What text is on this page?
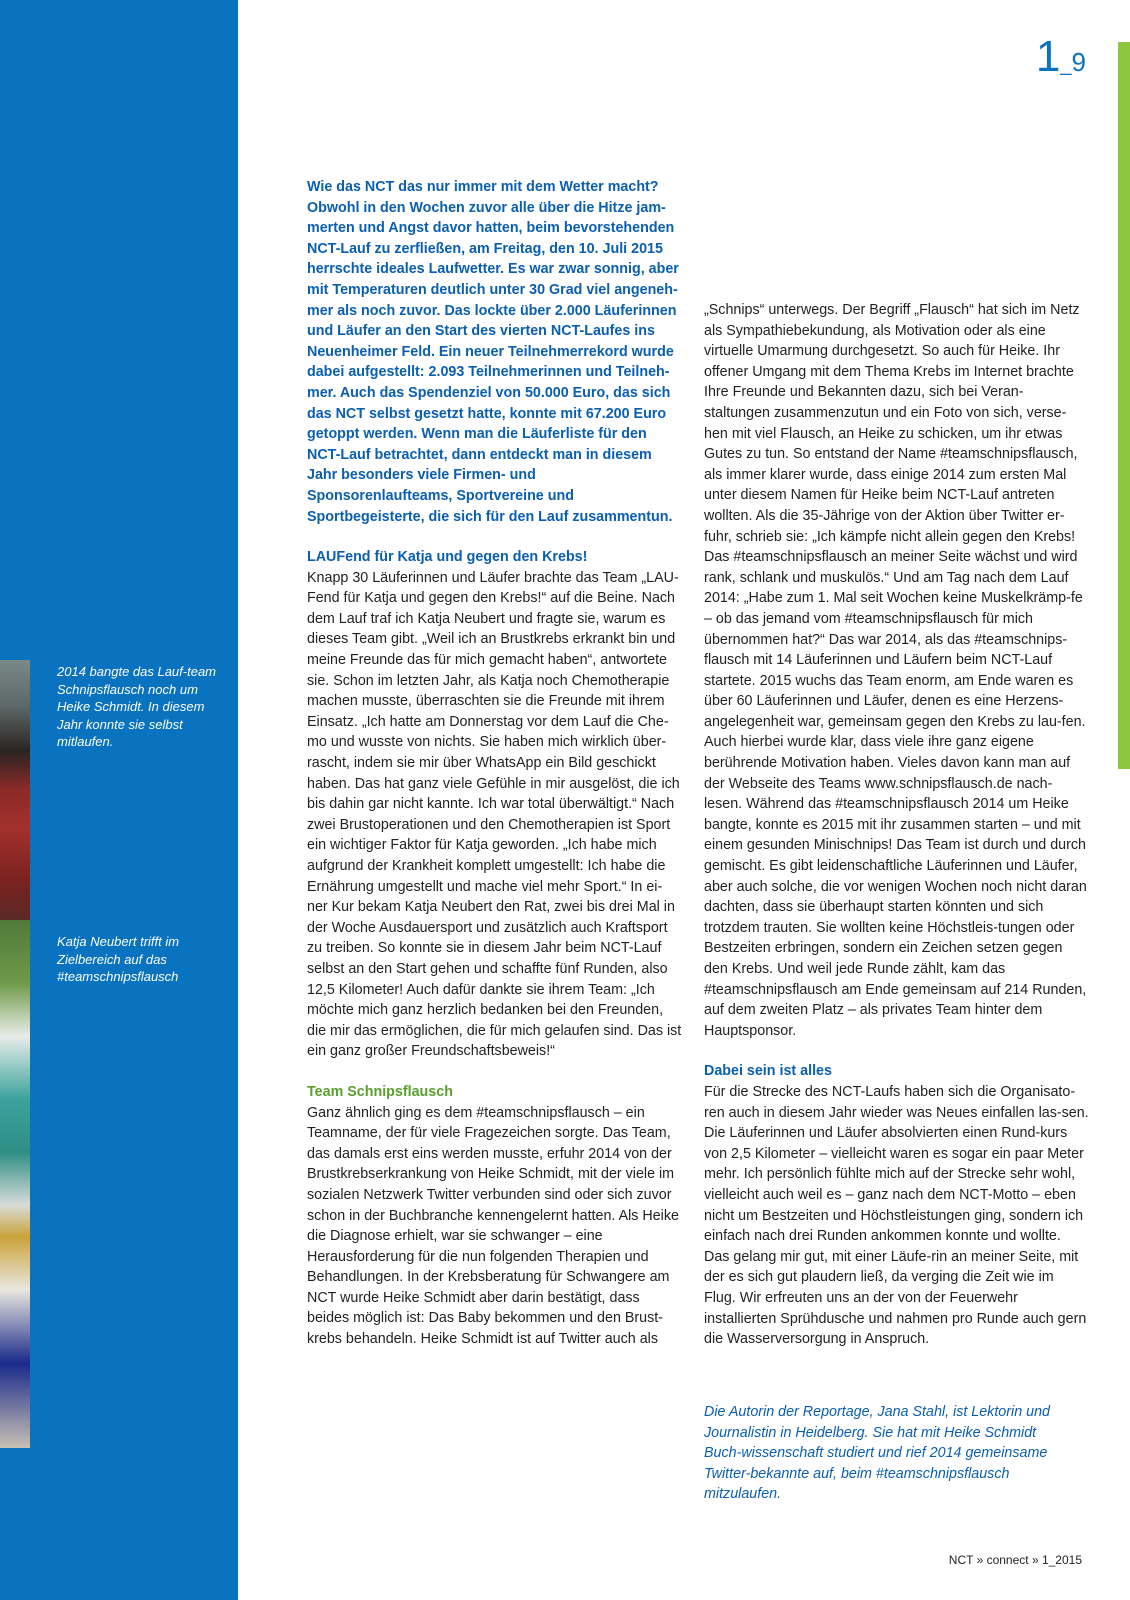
2014 bangte das Lauf-team Schnipsflausch noch um Heike Schmidt. In diesem Jahr konnte sie selbst mitlaufen.
Katja Neubert trifft im Zielbereich auf das #teamschnipsflausch
1_9

Wie das NCT das nur immer mit dem Wetter macht? Obwohl in den Wochen zuvor alle über die Hitze jam-merten und Angst davor hatten, beim bevorstehenden NCT-Lauf zu zerfließen, am Freitag, den 10. Juli 2015 herrschte ideales Laufwetter. Es war zwar sonnig, aber mit Temperaturen deutlich unter 30 Grad viel angeneh-mer als noch zuvor. Das lockte über 2.000 Läuferinnen und Läufer an den Start des vierten NCT-Laufes ins Neuenheimer Feld. Ein neuer Teilnehmerrekord wurde dabei aufgestellt: 2.093 Teilnehmerinnen und Teilneh-mer. Auch das Spendenziel von 50.000 Euro, das sich das NCT selbst gesetzt hatte, konnte mit 67.200 Euro getoppt werden. Wenn man die Läuferliste für den NCT-Lauf betrachtet, dann entdeckt man in diesem Jahr besonders viele Firmen- und Sponsorenlaufteams, Sportvereine und Sportbegeisterte, die sich für den Lauf zusammentun.

LAUFend für Katja und gegen den Krebs!

Knapp 30 Läuferinnen und Läufer brachte das Team „LAU-Fend für Katja und gegen den Krebs!“ auf die Beine. Nach dem Lauf traf ich Katja Neubert und fragte sie, warum es dieses Team gibt. „Weil ich an Brustkrebs erkrankt bin und meine Freunde das für mich gemacht haben“, antwortete sie. Schon im letzten Jahr, als Katja noch Chemotherapie machen musste, überraschten sie die Freunde mit ihrem Einsatz. „Ich hatte am Donnerstag vor dem Lauf die Che-mo und wusste von nichts. Sie haben mich wirklich über-rascht, indem sie mir über WhatsApp ein Bild geschickt haben. Das hat ganz viele Gefühle in mir ausgelöst, die ich bis dahin gar nicht kannte. Ich war total überwältigt.“ Nach zwei Brustoperationen und den Chemotherapien ist Sport ein wichtiger Faktor für Katja geworden. „Ich habe mich aufgrund der Krankheit komplett umgestellt: Ich habe die Ernährung umgestellt und mache viel mehr Sport.“ In ei-ner Kur bekam Katja Neubert den Rat, zwei bis drei Mal in der Woche Ausdauersport und zusätzlich auch Kraftsport zu treiben. So konnte sie in diesem Jahr beim NCT-Lauf selbst an den Start gehen und schaffte fünf Runden, also 12,5 Kilometer! Auch dafür dankte sie ihrem Team: „Ich möchte mich ganz herzlich bedanken bei den Freunden, die mir das ermöglichen, die für mich gelaufen sind. Das ist ein ganz großer Freundschaftsbeweis!“

Team Schnipsflausch

Ganz ähnlich ging es dem #teamschnipsflausch – ein Teamname, der für viele Fragezeichen sorgte. Das Team, das damals erst eins werden musste, erfuhr 2014 von der Brustkrebserkrankung von Heike Schmidt, mit der viele im sozialen Netzwerk Twitter verbunden sind oder sich zuvor schon in der Buchbranche kennengelernt hatten. Als Heike die Diagnose erhielt, war sie schwanger – eine Herausforderung für die nun folgenden Therapien und Behandlungen. In der Krebsberatung für Schwangere am NCT wurde Heike Schmidt aber darin bestätigt, dass beides möglich ist: Das Baby bekommen und den Brust-krebs behandeln. Heike Schmidt ist auf Twitter auch als

„Schnips“ unterwegs. Der Begriff „Flausch“ hat sich im Netz als Sympathiebekundung, als Motivation oder als eine virtuelle Umarmung durchgesetzt. So auch für Heike. Ihr offener Umgang mit dem Thema Krebs im Internet brachte Ihre Freunde und Bekannten dazu, sich bei Veran-staltungen zusammenzutun und ein Foto von sich, verse-hen mit viel Flausch, an Heike zu schicken, um ihr etwas Gutes zu tun. So entstand der Name #teamschnipsflausch, als immer klarer wurde, dass einige 2014 zum ersten Mal unter diesem Namen für Heike beim NCT-Lauf antreten wollten. Als die 35-Jährige von der Aktion über Twitter er-fuhr, schrieb sie: „Ich kämpfe nicht allein gegen den Krebs! Das #teamschnipsflausch an meiner Seite wächst und wird rank, schlank und muskulös.“ Und am Tag nach dem Lauf 2014: „Habe zum 1. Mal seit Wochen keine Muskelkrämp-fe – ob das jemand vom #teamschnipsflausch für mich übernommen hat?“ Das war 2014, als das #teamschnips-flausch mit 14 Läuferinnen und Läufern beim NCT-Lauf startete. 2015 wuchs das Team enorm, am Ende waren es über 60 Läuferinnen und Läufer, denen es eine Herzens-angelegenheit war, gemeinsam gegen den Krebs zu lau-fen. Auch hierbei wurde klar, dass viele ihre ganz eigene berührende Motivation haben. Vieles davon kann man auf der Webseite des Teams www.schnipsflausch.de nach-lesen. Während das #teamschnipsflausch 2014 um Heike bangte, konnte es 2015 mit ihr zusammen starten – und mit einem gesunden Minischnips! Das Team ist durch und durch gemischt. Es gibt leidenschaftliche Läuferinnen und Läufer, aber auch solche, die vor wenigen Wochen noch nicht daran dachten, dass sie überhaupt starten könnten und sich trotzdem trauten. Sie wollten keine Höchstleis-tungen oder Bestzeiten erbringen, sondern ein Zeichen setzen gegen den Krebs. Und weil jede Runde zählt, kam das #teamschnipsflausch am Ende gemeinsam auf 214 Runden, auf dem zweiten Platz – als privates Team hinter dem Hauptsponsor.

Dabei sein ist alles

Für die Strecke des NCT-Laufs haben sich die Organisato-ren auch in diesem Jahr wieder was Neues einfallen las-sen. Die Läuferinnen und Läufer absolvierten einen Rund-kurs von 2,5 Kilometer – vielleicht waren es sogar ein paar Meter mehr. Ich persönlich fühlte mich auf der Strecke sehr wohl, vielleicht auch weil es – ganz nach dem NCT-Motto – eben nicht um Bestzeiten und Höchstleistungen ging, sondern ich einfach nach drei Runden ankommen konnte und wollte. Das gelang mir gut, mit einer Läufe-rin an meiner Seite, mit der es sich gut plaudern ließ, da verging die Zeit wie im Flug. Wir erfreuten uns an der von der Feuerwehr installierten Sprühdusche und nahmen pro Runde auch gern die Wasserversorgung in Anspruch.

Die Autorin der Reportage, Jana Stahl, ist Lektorin und Journalistin in Heidelberg. Sie hat mit Heike Schmidt Buch-wissenschaft studiert und rief 2014 gemeinsame Twitter-bekannte auf, beim #teamschnipsflausch mitzulaufen.
NCT » connect » 1_2015
